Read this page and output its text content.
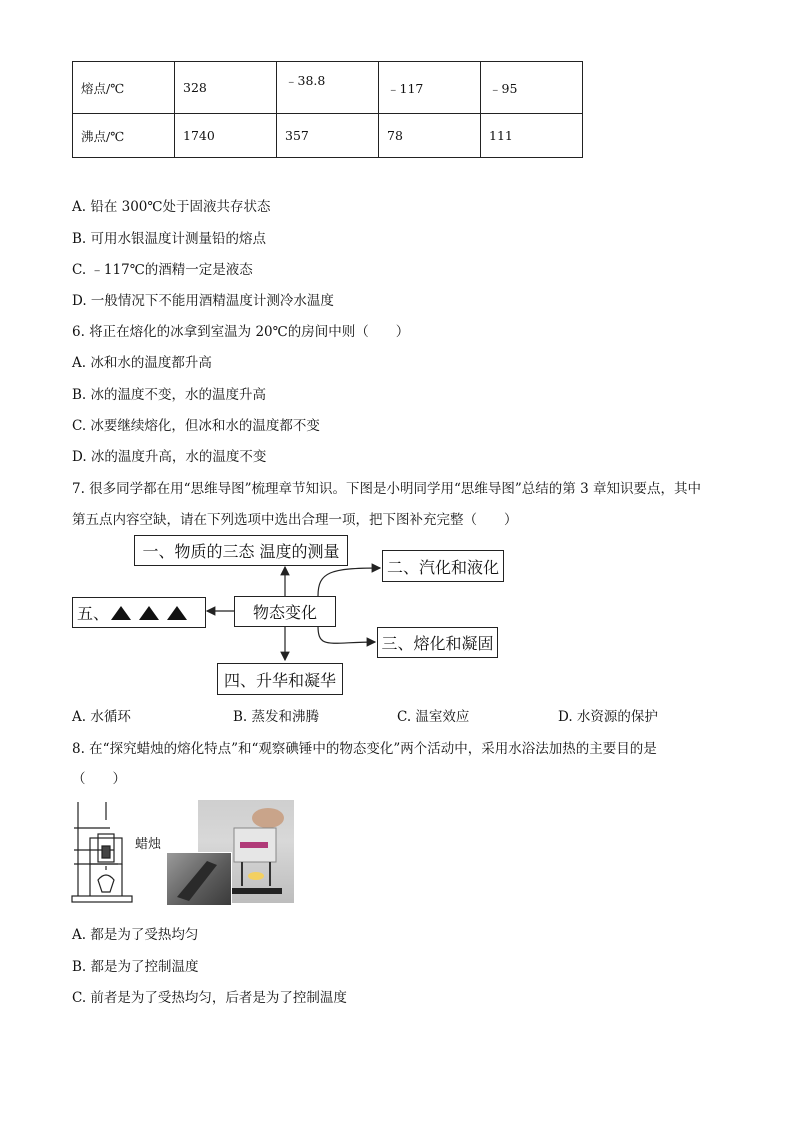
熔点/℃	328	﹣38.8	﹣117	﹣95
沸点/℃	1740	357	78	111
A. 铅在 300℃处于固液共存状态
B. 可用水银温度计测量铅的熔点
C. ﹣117℃的酒精一定是液态
D. 一般情况下不能用酒精温度计测冷水温度
6. 将正在熔化的冰拿到室温为 20℃的房间中则（　　）
A. 冰和水的温度都升高
B. 冰的温度不变，水的温度升高
C. 冰要继续熔化，但冰和水的温度都不变
D. 冰的温度升高，水的温度不变
7. 很多同学都在用“思维导图”梳理章节知识。下图是小明同学用“思维导图”总结的第 3 章知识要点，其中
第五点内容空缺，请在下列选项中选出合理一项，把下图补充完整（　　）
一、物质的三态 温度的测量
二、汽化和液化
物态变化
五、
三、熔化和凝固
四、升华和凝华
A. 水循环	B. 蒸发和沸腾	C. 温室效应	D. 水资源的保护
8. 在“探究蜡烛的熔化特点”和“观察碘锤中的物态变化”两个活动中，采用水浴法加热的主要目的是
（　　）
蜡烛
A. 都是为了受热均匀
B. 都是为了控制温度
C. 前者是为了受热均匀，后者是为了控制温度
